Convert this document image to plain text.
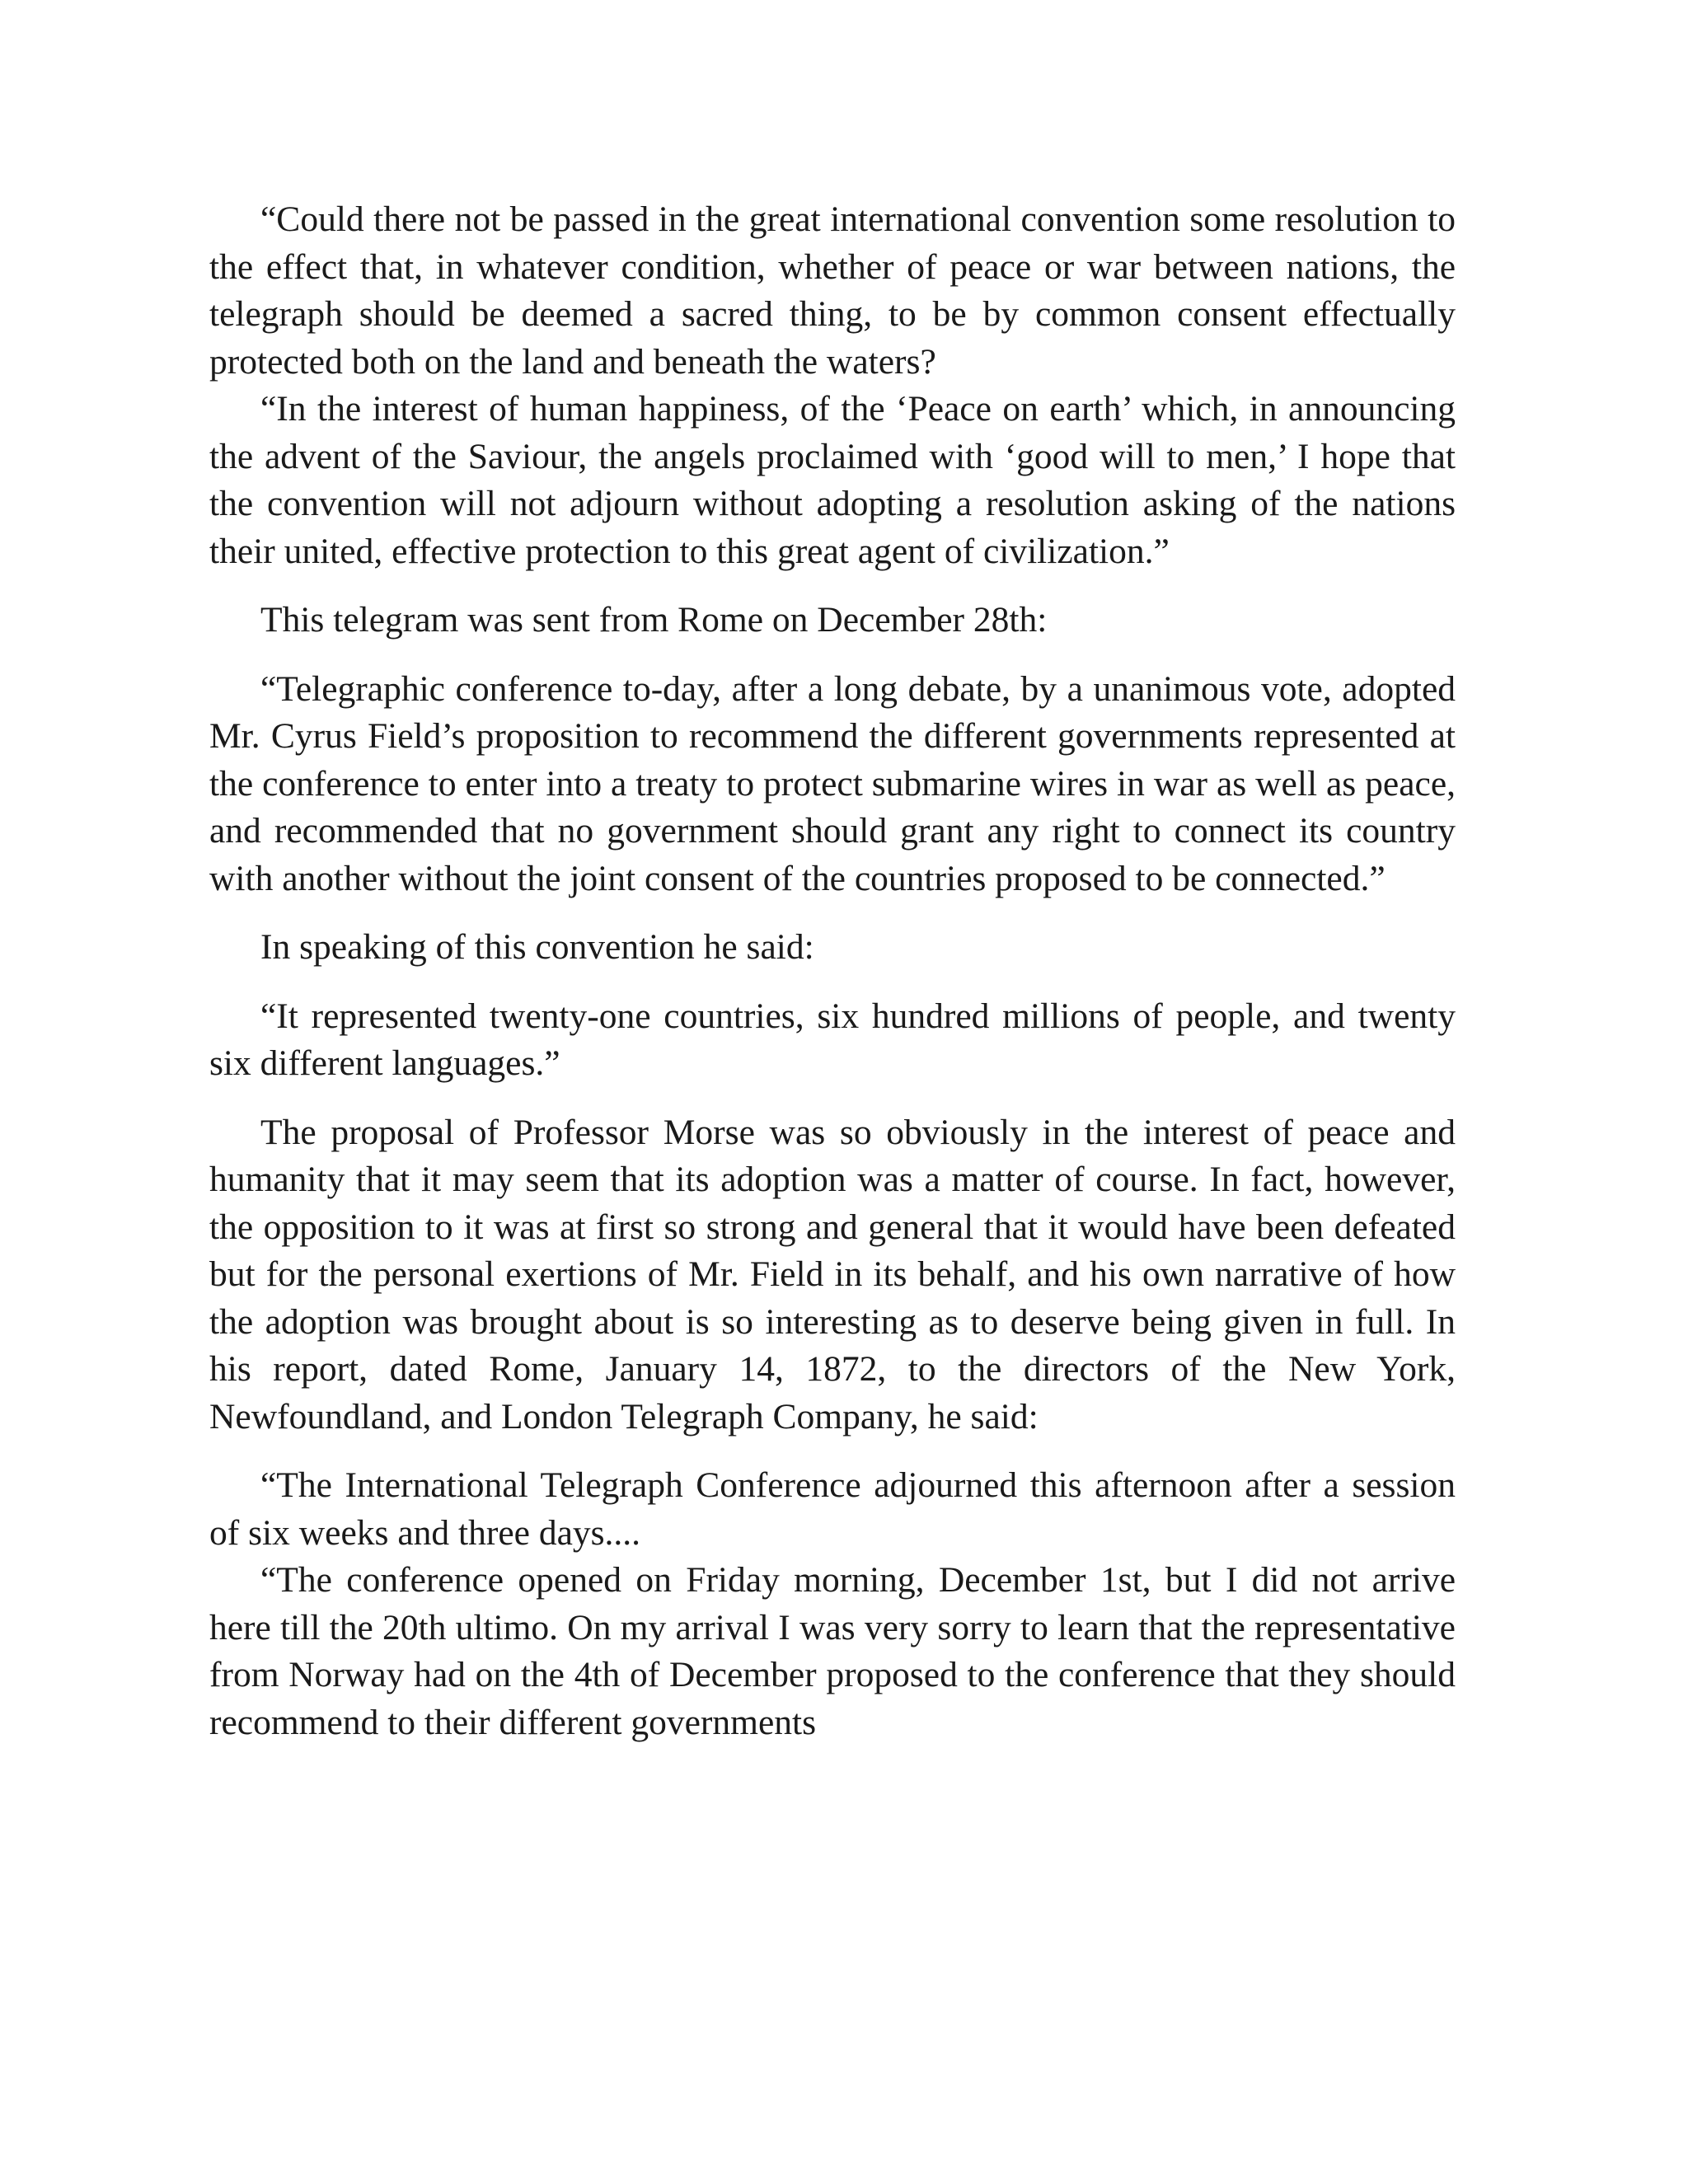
“Could there not be passed in the great international convention some resolution to the effect that, in whatever condition, whether of peace or war between nations, the telegraph should be deemed a sacred thing, to be by common consent effectually protected both on the land and beneath the waters?

“In the interest of human happiness, of the ‘Peace on earth’ which, in announcing the advent of the Saviour, the angels proclaimed with ‘good will to men,’ I hope that the convention will not adjourn without adopting a resolution asking of the nations their united, effective protection to this great agent of civilization.”

This telegram was sent from Rome on December 28th:

“Telegraphic conference to-day, after a long debate, by a unanimous vote, adopted Mr. Cyrus Field’s proposition to recommend the different governments represented at the conference to enter into a treaty to protect submarine wires in war as well as peace, and recommended that no government should grant any right to connect its country with another without the joint consent of the countries proposed to be connected.”

In speaking of this convention he said:

“It represented twenty-one countries, six hundred millions of people, and twenty six different languages.”

The proposal of Professor Morse was so obviously in the interest of peace and humanity that it may seem that its adoption was a matter of course. In fact, however, the opposition to it was at first so strong and general that it would have been defeated but for the personal exertions of Mr. Field in its behalf, and his own narrative of how the adoption was brought about is so interesting as to deserve being given in full. In his report, dated Rome, January 14, 1872, to the directors of the New York, Newfoundland, and London Telegraph Company, he said:

“The International Telegraph Conference adjourned this afternoon after a session of six weeks and three days....

“The conference opened on Friday morning, December 1st, but I did not arrive here till the 20th ultimo. On my arrival I was very sorry to learn that the representative from Norway had on the 4th of December proposed to the conference that they should recommend to their different governments
